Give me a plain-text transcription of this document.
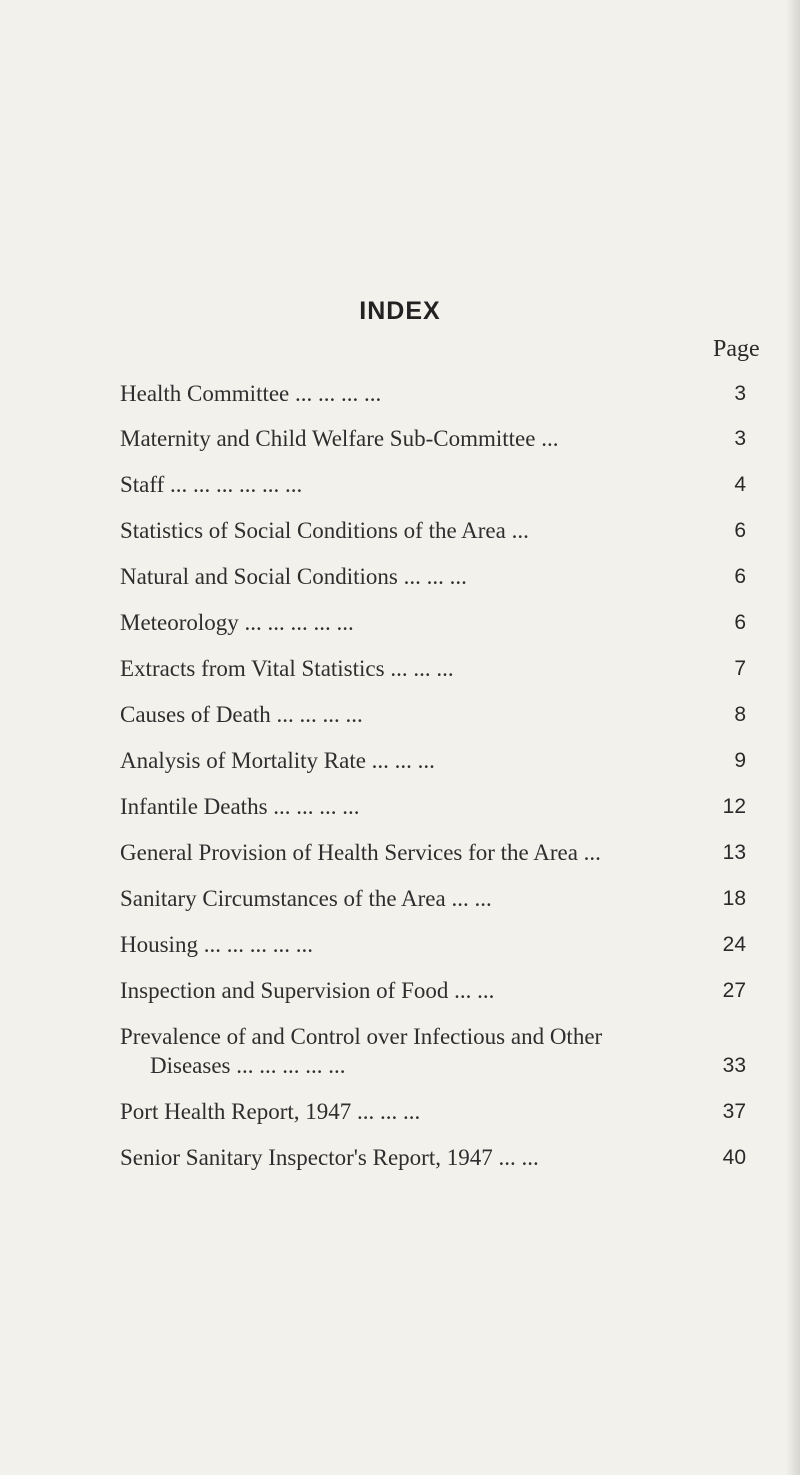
INDEX
Page
Health Committee ... ... ... ...	3
Maternity and Child Welfare Sub-Committee ...	3
Staff ... ... ... ... ... ...	4
Statistics of Social Conditions of the Area ...	6
Natural and Social Conditions ... ... ...	6
Meteorology ... ... ... ... ...	6
Extracts from Vital Statistics ... ... ...	7
Causes of Death ... ... ... ...	8
Analysis of Mortality Rate ... ... ...	9
Infantile Deaths ... ... ... ...	12
General Provision of Health Services for the Area ...	13
Sanitary Circumstances of the Area ... ...	18
Housing ... ... ... ... ...	24
Inspection and Supervision of Food ... ...	27
Prevalence of and Control over Infectious and Other
Diseases ... ... ... ... ...	33
Port Health Report, 1947 ... ... ...	37
Senior Sanitary Inspector's Report, 1947 ... ...	40
